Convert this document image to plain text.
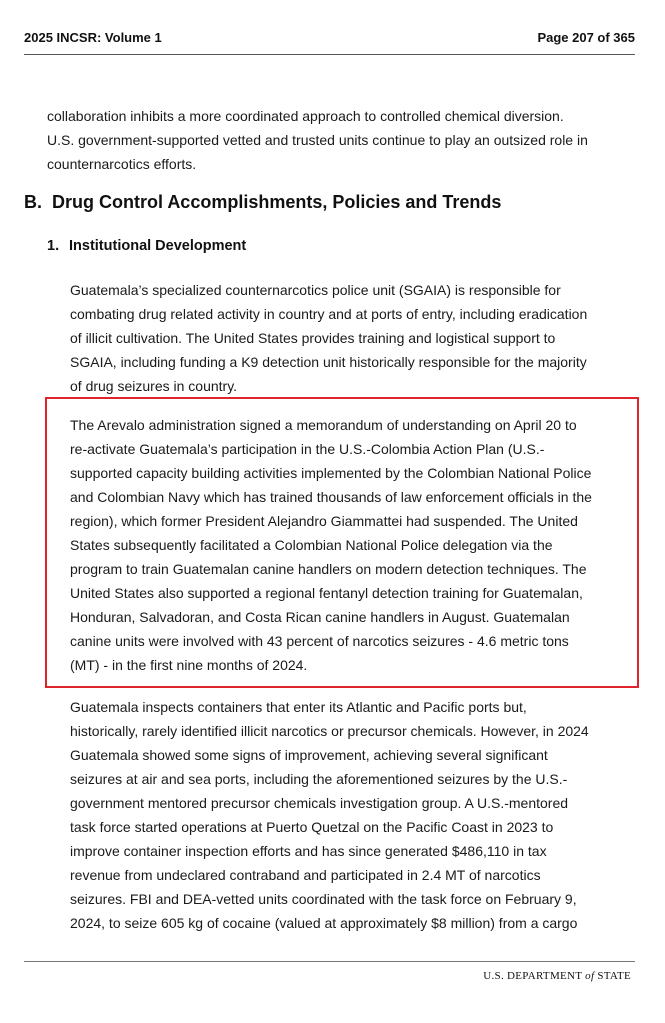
2025 INCSR: Volume 1	Page 207 of 365
collaboration inhibits a more coordinated approach to controlled chemical diversion.
U.S. government-supported vetted and trusted units continue to play an outsized role in
counternarcotics efforts.
B. Drug Control Accomplishments, Policies and Trends
1. Institutional Development
Guatemala’s specialized counternarcotics police unit (SGAIA) is responsible for
combating drug related activity in country and at ports of entry, including eradication
of illicit cultivation. The United States provides training and logistical support to
SGAIA, including funding a K9 detection unit historically responsible for the majority
of drug seizures in country.
The Arevalo administration signed a memorandum of understanding on April 20 to
re-activate Guatemala’s participation in the U.S.-Colombia Action Plan (U.S.-
supported capacity building activities implemented by the Colombian National Police
and Colombian Navy which has trained thousands of law enforcement officials in the
region), which former President Alejandro Giammattei had suspended. The United
States subsequently facilitated a Colombian National Police delegation via the
program to train Guatemalan canine handlers on modern detection techniques. The
United States also supported a regional fentanyl detection training for Guatemalan,
Honduran, Salvadoran, and Costa Rican canine handlers in August. Guatemalan
canine units were involved with 43 percent of narcotics seizures - 4.6 metric tons
(MT) - in the first nine months of 2024.
Guatemala inspects containers that enter its Atlantic and Pacific ports but,
historically, rarely identified illicit narcotics or precursor chemicals. However, in 2024
Guatemala showed some signs of improvement, achieving several significant
seizures at air and sea ports, including the aforementioned seizures by the U.S.-
government mentored precursor chemicals investigation group. A U.S.-mentored
task force started operations at Puerto Quetzal on the Pacific Coast in 2023 to
improve container inspection efforts and has since generated $486,110 in tax
revenue from undeclared contraband and participated in 2.4 MT of narcotics
seizures. FBI and DEA-vetted units coordinated with the task force on February 9,
2024, to seize 605 kg of cocaine (valued at approximately $8 million) from a cargo
U.S. DEPARTMENT of STATE
